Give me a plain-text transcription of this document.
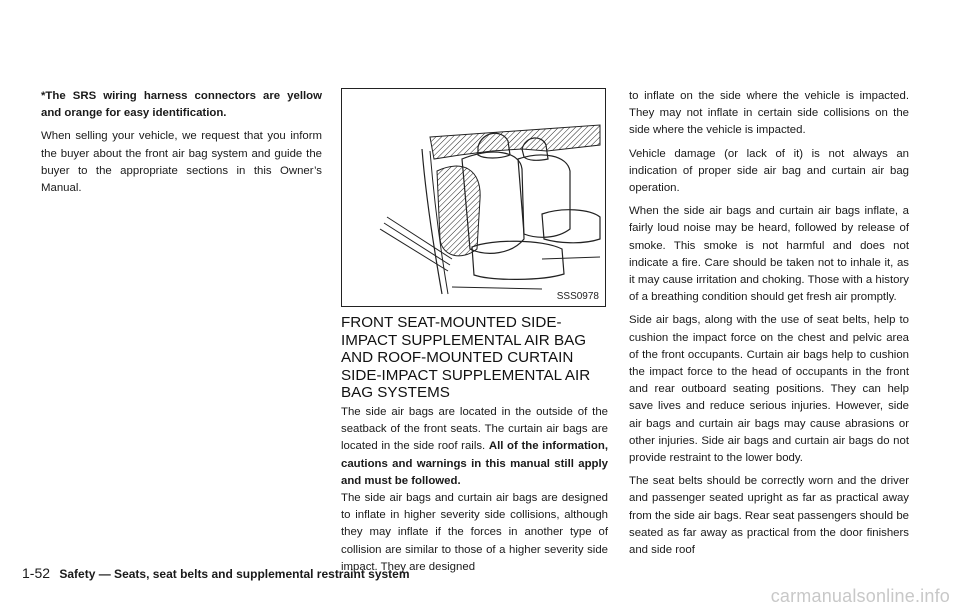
*The SRS wiring harness connectors are yellow and orange for easy identification.

When selling your vehicle, we request that you inform the buyer about the front air bag system and guide the buyer to the appropriate sections in this Owner’s Manual.

SSS0978
FRONT SEAT-MOUNTED SIDE-IMPACT SUPPLEMENTAL AIR BAG AND ROOF-MOUNTED CURTAIN SIDE-IMPACT SUPPLEMENTAL AIR BAG SYSTEMS

The side air bags are located in the outside of the seatback of the front seats. The curtain air bags are located in the side roof rails. All of the information, cautions and warnings in this manual still apply and must be followed.

The side air bags and curtain air bags are designed to inflate in higher severity side collisions, although they may inflate if the forces in another type of collision are similar to those of a higher severity side impact. They are designed

to inflate on the side where the vehicle is impacted. They may not inflate in certain side collisions on the side where the vehicle is impacted.

Vehicle damage (or lack of it) is not always an indication of proper side air bag and curtain air bag operation.

When the side air bags and curtain air bags inflate, a fairly loud noise may be heard, followed by release of smoke. This smoke is not harmful and does not indicate a fire. Care should be taken not to inhale it, as it may cause irritation and choking. Those with a history of a breathing condition should get fresh air promptly.

Side air bags, along with the use of seat belts, help to cushion the impact force on the chest and pelvic area of the front occupants. Curtain air bags help to cushion the impact force to the head of occupants in the front and rear outboard seating positions. They can help save lives and reduce serious injuries. However, side air bags and curtain air bags may cause abrasions or other injuries. Side air bags and curtain air bags do not provide restraint to the lower body.

The seat belts should be correctly worn and the driver and passenger seated upright as far as practical away from the side air bags. Rear seat passengers should be seated as far away as practical from the door finishers and side roof

1-52 Safety — Seats, seat belts and supplemental restraint system
carmanualsonline.info
